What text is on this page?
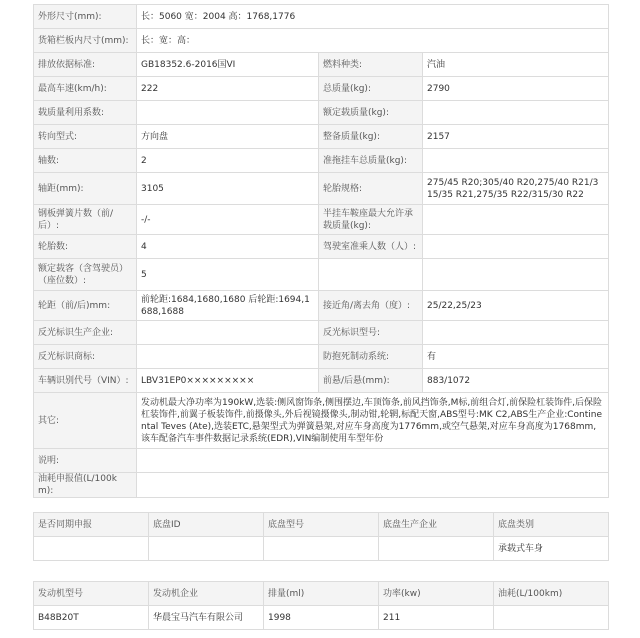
外形尺寸(mm):	长：5060 宽：2004 高：1768,1776		
货箱栏板内尺寸(mm):	长：宽：高：		
排放依据标准:	GB18352.6-2016国VI	燃料种类:	汽油
最高车速(km/h):	222	总质量(kg):	2790
载质量利用系数:		额定载质量(kg):	
转向型式:	方向盘	整备质量(kg):	2157
轴数:	2	准拖挂车总质量(kg):	
轴距(mm):	3105	轮胎规格:	275/45 R20;305/40 R20,275/40 R21/315/35 R21,275/35 R22/315/30 R22
钢板弹簧片数（前/后）:	-/-	半挂车鞍座最大允许承载质量(kg):	
轮胎数:	4	驾驶室准乘人数（人）:	
额定载客（含驾驶员）（座位数）:	5		
轮距（前/后)mm:	前轮距:1684,1680,1680 后轮距:1694,1688,1688	接近角/离去角（度）:	25/22,25/23
反光标识生产企业:		反光标识型号:	
反光标识商标:		防抱死制动系统:	有
车辆识别代号（VIN）:	LBV31EP0×××××××××	前悬/后悬(mm):	883/1072
其它:	发动机最大净功率为190kW,选装:侧风窗饰条,侧围摆边,车顶饰条,前风挡饰条,M标,前组合灯,前保险杠装饰件,后保险杠装饰件,前翼子板装饰件,前摄像头,外后视镜摄像头,制动钳,轮辋,标配天窗,ABS型号:MK C2,ABS生产企业:Continental Teves (Ate),选装ETC,悬架型式为弹簧悬架,对应车身高度为1776mm,或空气悬架,对应车身高度为1768mm,该车配备汽车事件数据记录系统(EDR),VIN编制使用车型年份		
说明:			
油耗申报值(L/100km):			
是否同期申报	底盘ID	底盘型号	底盘生产企业	底盘类别
				承载式车身
发动机型号	发动机企业	排量(ml)	功率(kw)	油耗(L/100km)
B48B20T	华晨宝马汽车有限公司	1998	211	
